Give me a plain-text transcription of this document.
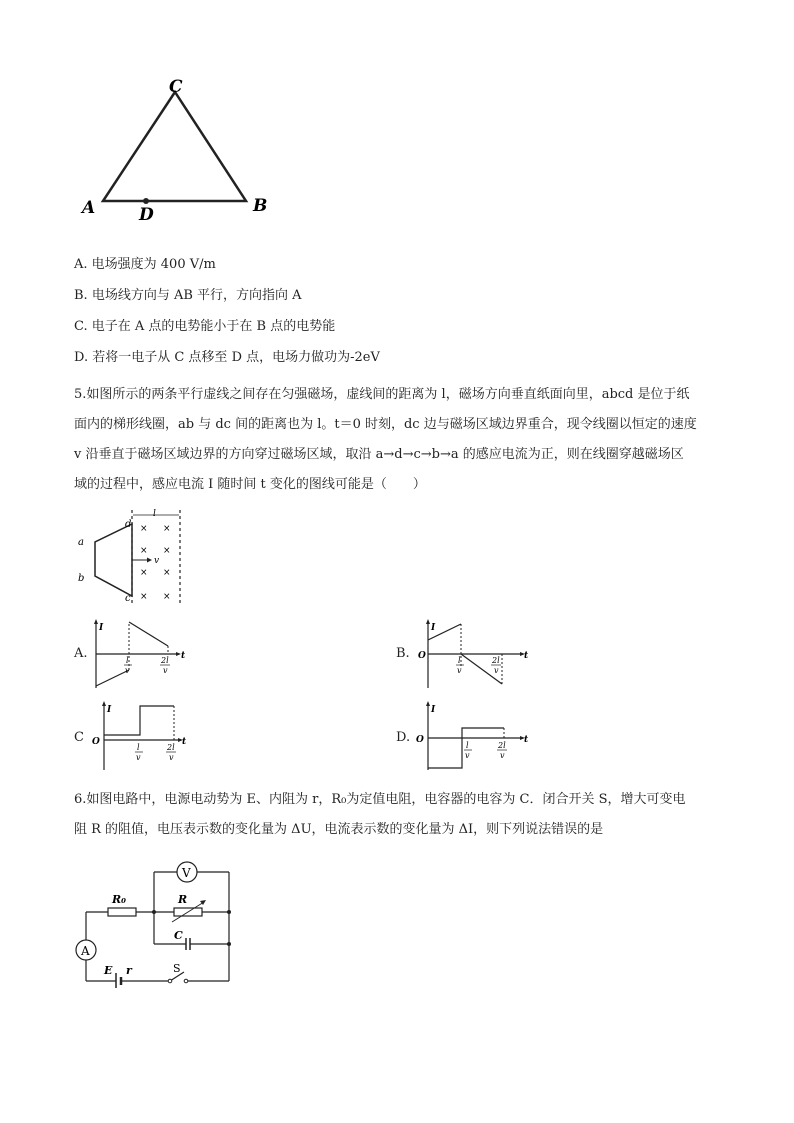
C
A	B
D
A. 电场强度为 400 V/m
B. 电场线方向与 AB 平行，方向指向 A
C. 电子在 A 点的电势能小于在 B 点的电势能
D. 若将一电子从 C 点移至 D 点，电场力做功为-2eV
5.如图所示的两条平行虚线之间存在匀强磁场，虚线间的距离为 l，磁场方向垂直纸面向里，abcd 是位于纸
面内的梯形线圈，ab 与 dc 间的距离也为 l。t＝0 时刻，dc 边与磁场区域边界重合，现令线圈以恒定的速度
v 沿垂直于磁场区域边界的方向穿过磁场区域，取沿 a→d→c→b→a 的感应电流为正，则在线圈穿越磁场区
域的过程中，感应电流 I 随时间 t 变化的图线可能是（　　）
l
d
a
b
c
v
× ×
× ×
× ×
× ×
A.	B.
C	D.
I
t
l
v
2l
v
I
O	t
l
v
2l
v
I
O	t
l
v
2l
v
I
O	t
l
v
2l
v
6.如图电路中，电源电动势为 E、内阻为 r，R₀为定值电阻，电容器的电容为 C．闭合开关 S，增大可变电
阻 R 的阻值，电压表示数的变化量为 ΔU，电流表示数的变化量为 ΔI，则下列说法错误的是
V
R₀	R
C
A
E r	S
